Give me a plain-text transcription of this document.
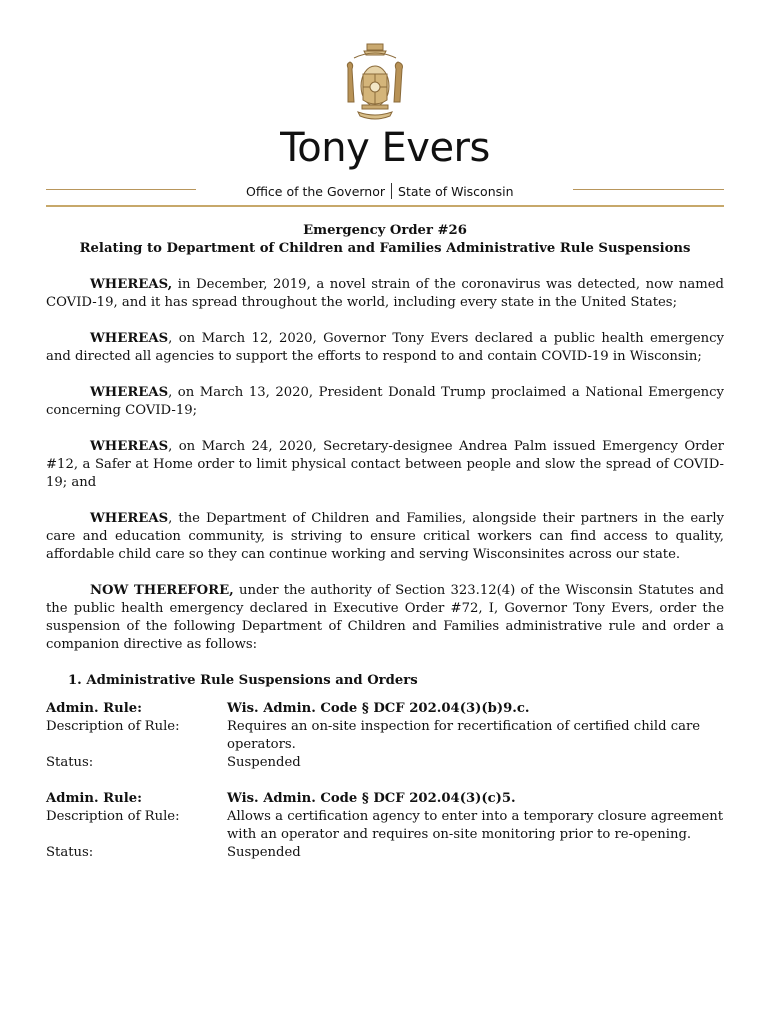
Tony Evers
Office of the Governor State of Wisconsin
Emergency Order #26
Relating to Department of Children and Families Administrative Rule Suspensions
WHEREAS, in December, 2019, a novel strain of the coronavirus was detected, now named COVID-19, and it has spread throughout the world, including every state in the United States;
WHEREAS, on March 12, 2020, Governor Tony Evers declared a public health emergency and directed all agencies to support the efforts to respond to and contain COVID-19 in Wisconsin;
WHEREAS, on March 13, 2020, President Donald Trump proclaimed a National Emergency concerning COVID-19;
WHEREAS, on March 24, 2020, Secretary-designee Andrea Palm issued Emergency Order #12, a Safer at Home order to limit physical contact between people and slow the spread of COVID-19; and
WHEREAS, the Department of Children and Families, alongside their partners in the early care and education community, is striving to ensure critical workers can find access to quality, affordable child care so they can continue working and serving Wisconsinites across our state.
NOW THEREFORE, under the authority of Section 323.12(4) of the Wisconsin Statutes and the public health emergency declared in Executive Order #72, I, Governor Tony Evers, order the suspension of the following Department of Children and Families administrative rule and order a companion directive as follows:
1. Administrative Rule Suspensions and Orders
Admin. Rule:	Wis. Admin. Code § DCF 202.04(3)(b)9.c.
Description of Rule:	Requires an on-site inspection for recertification of certified child care operators.
Status:	Suspended
Admin. Rule:	Wis. Admin. Code § DCF 202.04(3)(c)5.
Description of Rule:	Allows a certification agency to enter into a temporary closure agreement with an operator and requires on-site monitoring prior to re-opening.
Status:	Suspended
